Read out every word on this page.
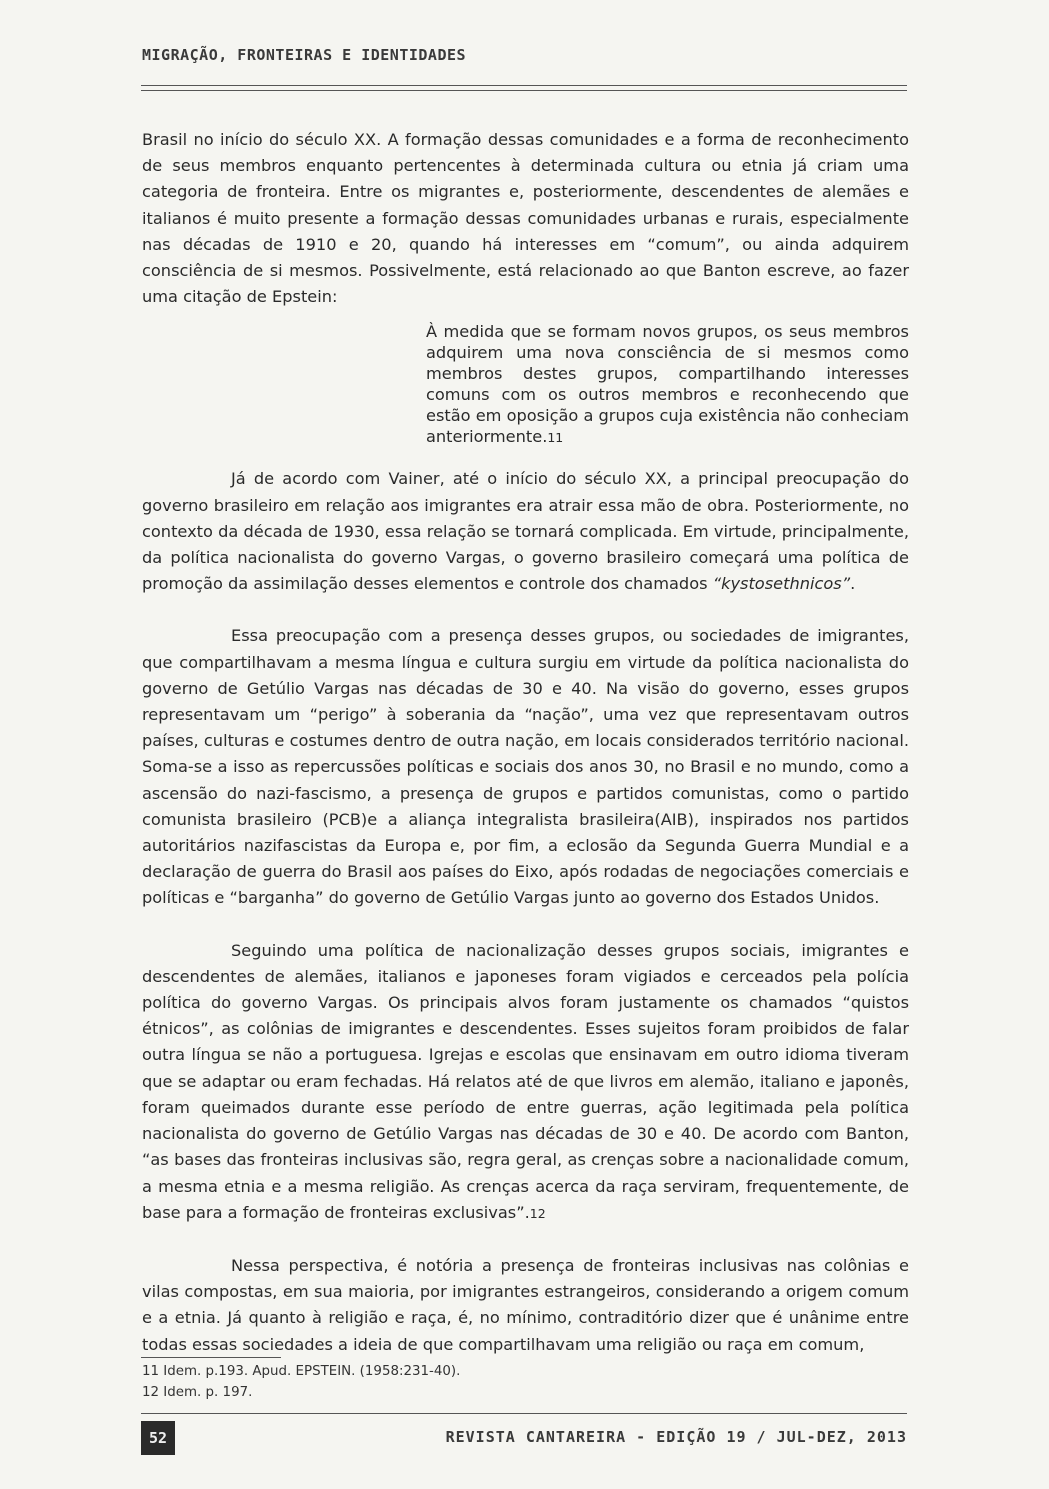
MIGRAÇÃO, FRONTEIRAS E IDENTIDADES

Brasil no início do século XX. A formação dessas comunidades e a forma de reconhecimento de seus membros enquanto pertencentes à determinada cultura ou etnia já criam uma categoria de fronteira. Entre os migrantes e, posteriormente, descendentes de alemães e italianos é muito presente a formação dessas comunidades urbanas e rurais, especialmente nas décadas de 1910 e 20, quando há interesses em “comum”, ou ainda adquirem consciência de si mesmos. Possivelmente, está relacionado ao que Banton escreve, ao fazer uma citação de Epstein:

À medida que se formam novos grupos, os seus membros adquirem uma nova consciência de si mesmos como membros destes grupos, compartilhando interesses comuns com os outros membros e reconhecendo que estão em oposição a grupos cuja existência não conheciam anteriormente.11

Já de acordo com Vainer, até o início do século XX, a principal preocupação do governo brasileiro em relação aos imigrantes era atrair essa mão de obra. Posteriormente, no contexto da década de 1930, essa relação se tornará complicada. Em virtude, principalmente, da política nacionalista do governo Vargas, o governo brasileiro começará uma política de promoção da assimilação desses elementos e controle dos chamados “kystosethnicos”.

Essa preocupação com a presença desses grupos, ou sociedades de imigrantes, que compartilhavam a mesma língua e cultura surgiu em virtude da política nacionalista do governo de Getúlio Vargas nas décadas de 30 e 40. Na visão do governo, esses grupos representavam um “perigo” à soberania da “nação”, uma vez que representavam outros países, culturas e costumes dentro de outra nação, em locais considerados território nacional. Soma-se a isso as repercussões políticas e sociais dos anos 30, no Brasil e no mundo, como a ascensão do nazi-fascismo, a presença de grupos e partidos comunistas, como o partido comunista brasileiro (PCB)e a aliança integralista brasileira(AIB), inspirados nos partidos autoritários nazifascistas da Europa e, por fim, a eclosão da Segunda Guerra Mundial e a declaração de guerra do Brasil aos países do Eixo, após rodadas de negociações comerciais e políticas e “barganha” do governo de Getúlio Vargas junto ao governo dos Estados Unidos.

Seguindo uma política de nacionalização desses grupos sociais, imigrantes e descendentes de alemães, italianos e japoneses foram vigiados e cerceados pela polícia política do governo Vargas. Os principais alvos foram justamente os chamados “quistos étnicos”, as colônias de imigrantes e descendentes. Esses sujeitos foram proibidos de falar outra língua se não a portuguesa. Igrejas e escolas que ensinavam em outro idioma tiveram que se adaptar ou eram fechadas. Há relatos até de que livros em alemão, italiano e japonês, foram queimados durante esse período de entre guerras, ação legitimada pela política nacionalista do governo de Getúlio Vargas nas décadas de 30 e 40. De acordo com Banton, “as bases das fronteiras inclusivas são, regra geral, as crenças sobre a nacionalidade comum, a mesma etnia e a mesma religião. As crenças acerca da raça serviram, frequentemente, de base para a formação de fronteiras exclusivas”.12

Nessa perspectiva, é notória a presença de fronteiras inclusivas nas colônias e vilas compostas, em sua maioria, por imigrantes estrangeiros, considerando a origem comum e a etnia. Já quanto à religião e raça, é, no mínimo, contraditório dizer que é unânime entre todas essas sociedades a ideia de que compartilhavam uma religião ou raça em comum,

11 Idem. p.193. Apud. EPSTEIN. (1958:231-40).
12 Idem. p. 197.
52	REVISTA CANTAREIRA - EDIÇÃO 19 / JUL-DEZ, 2013
